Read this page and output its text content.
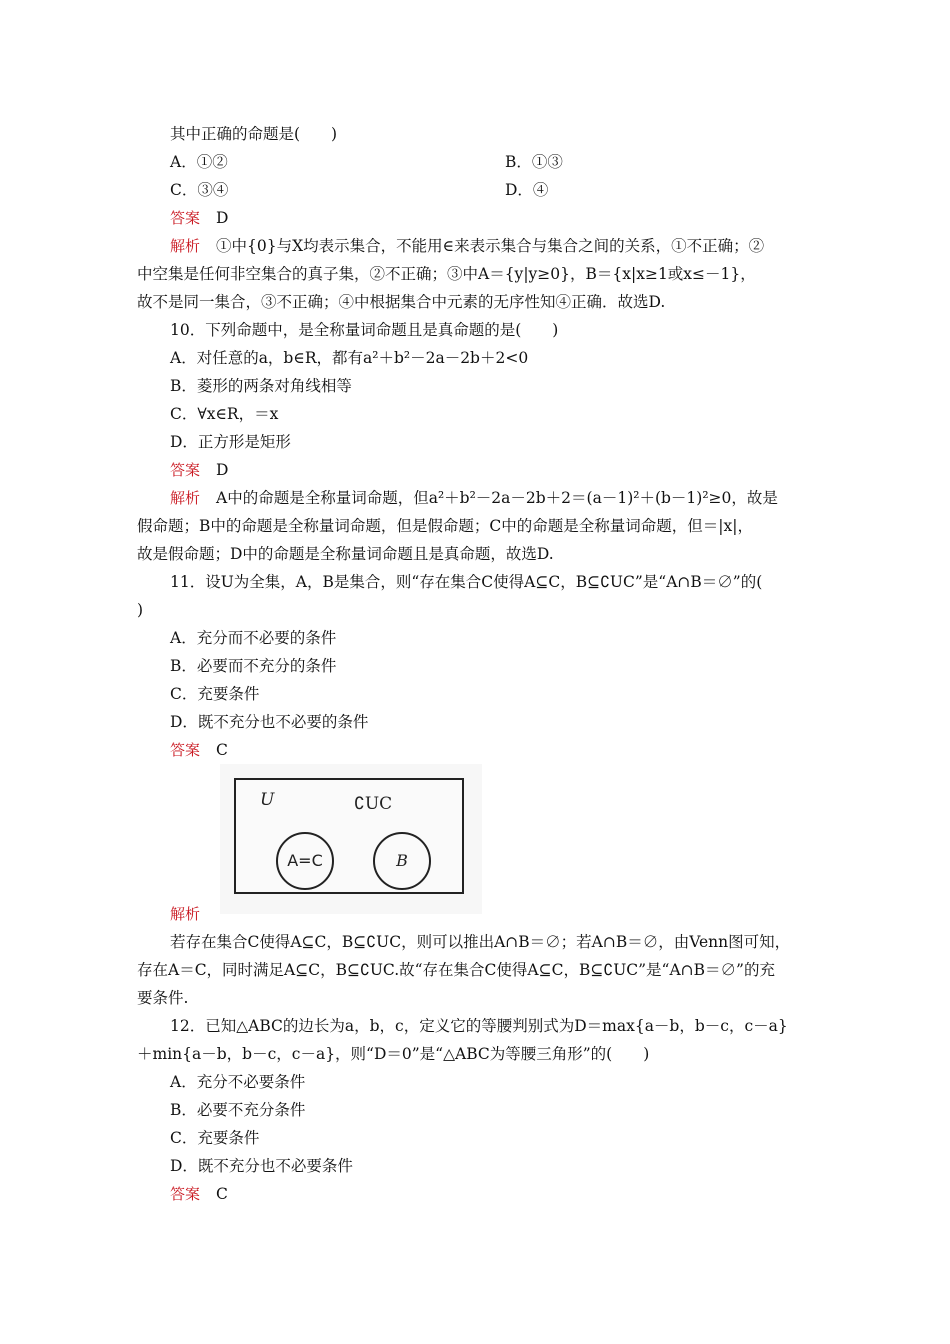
其中正确的命题是(　　)
A．①②	B．①③
C．③④	D．④
答案 D
解析 ①中{0}与X均表示集合，不能用∈来表示集合与集合之间的关系，①不正确；②
中空集是任何非空集合的真子集，②不正确；③中A＝{y|y≥0}，B＝{x|x≥1或x≤－1}，
故不是同一集合，③不正确；④中根据集合中元素的无序性知④正确．故选D.
10．下列命题中，是全称量词命题且是真命题的是(　　)
A．对任意的a，b∈R，都有a²＋b²－2a－2b＋2<0
B．菱形的两条对角线相等
C．∀x∈R，＝x
D．正方形是矩形
答案 D
解析 A中的命题是全称量词命题，但a²＋b²－2a－2b＋2＝(a－1)²＋(b－1)²≥0，故是
假命题；B中的命题是全称量词命题，但是假命题；C中的命题是全称量词命题，但＝|x|，
故是假命题；D中的命题是全称量词命题且是真命题，故选D.
11．设U为全集，A，B是集合，则“存在集合C使得A⊆C，B⊆∁UC”是“A∩B＝∅”的(
)
A．充分而不必要的条件
B．必要而不充分的条件
C．充要条件
D．既不充分也不必要的条件
答案 C
U	∁UC
A=C	B
解析
若存在集合C使得A⊆C，B⊆∁UC，则可以推出A∩B＝∅；若A∩B＝∅，由Venn图可知，
存在A＝C，同时满足A⊆C，B⊆∁UC.故“存在集合C使得A⊆C，B⊆∁UC”是“A∩B＝∅”的充
要条件.
12．已知△ABC的边长为a，b，c，定义它的等腰判别式为D＝max{a－b，b－c，c－a}
＋min{a－b，b－c，c－a}，则“D＝0”是“△ABC为等腰三角形”的(　　)
A．充分不必要条件
B．必要不充分条件
C．充要条件
D．既不充分也不必要条件
答案 C
